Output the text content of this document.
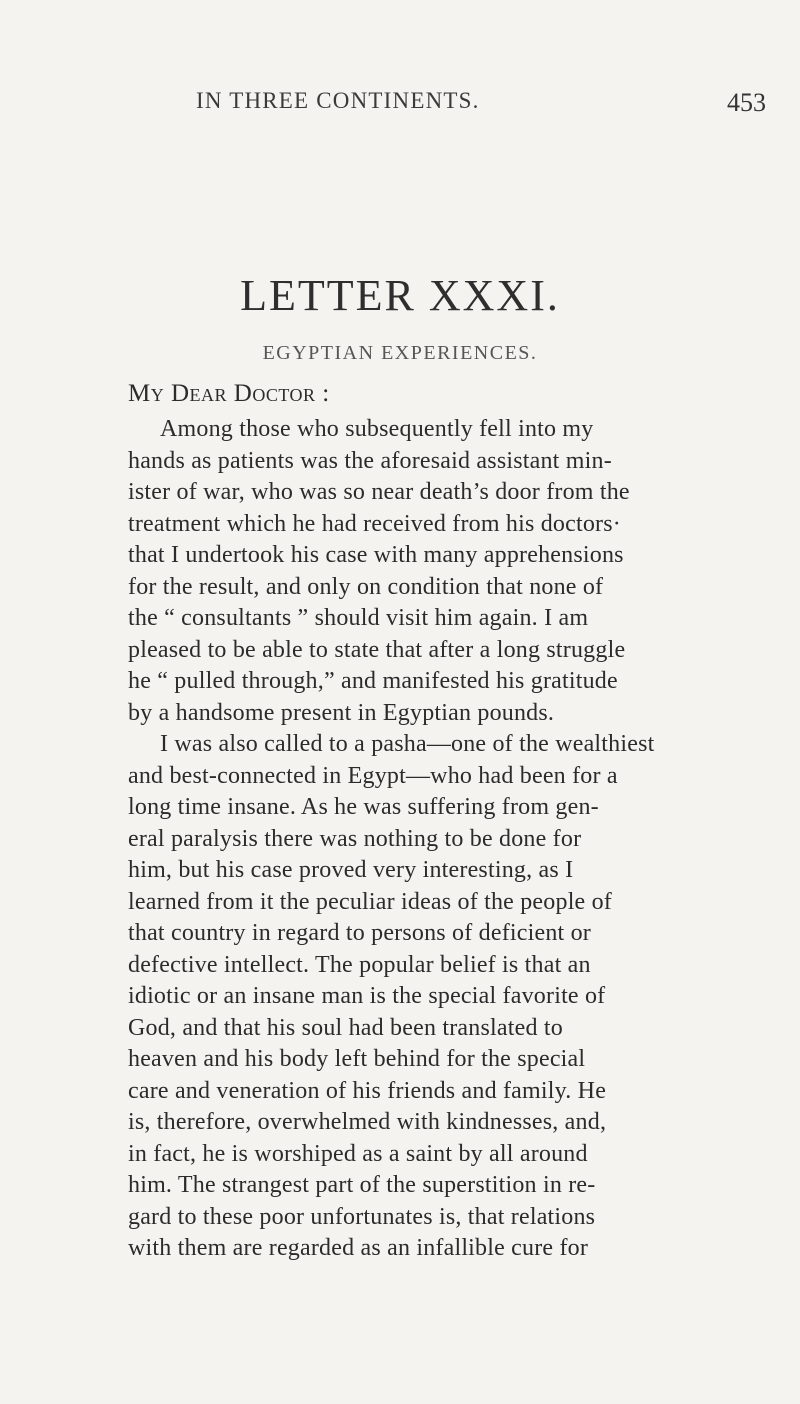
IN THREE CONTINENTS.	453
LETTER XXXI.
EGYPTIAN EXPERIENCES.
My Dear Doctor :
Among those who subsequently fell into my
hands as patients was the aforesaid assistant min-
ister of war, who was so near death’s door from the
treatment which he had received from his doctors·
that I undertook his case with many apprehensions
for the result, and only on condition that none of
the “ consultants ” should visit him again. I am
pleased to be able to state that after a long struggle
he “ pulled through,” and manifested his gratitude
by a handsome present in Egyptian pounds.
I was also called to a pasha—one of the wealthiest
and best-connected in Egypt—who had been for a
long time insane. As he was suffering from gen-
eral paralysis there was nothing to be done for
him, but his case proved very interesting, as I
learned from it the peculiar ideas of the people of
that country in regard to persons of deficient or
defective intellect. The popular belief is that an
idiotic or an insane man is the special favorite of
God, and that his soul had been translated to
heaven and his body left behind for the special
care and veneration of his friends and family. He
is, therefore, overwhelmed with kindnesses, and,
in fact, he is worshiped as a saint by all around
him. The strangest part of the superstition in re-
gard to these poor unfortunates is, that relations
with them are regarded as an infallible cure for
